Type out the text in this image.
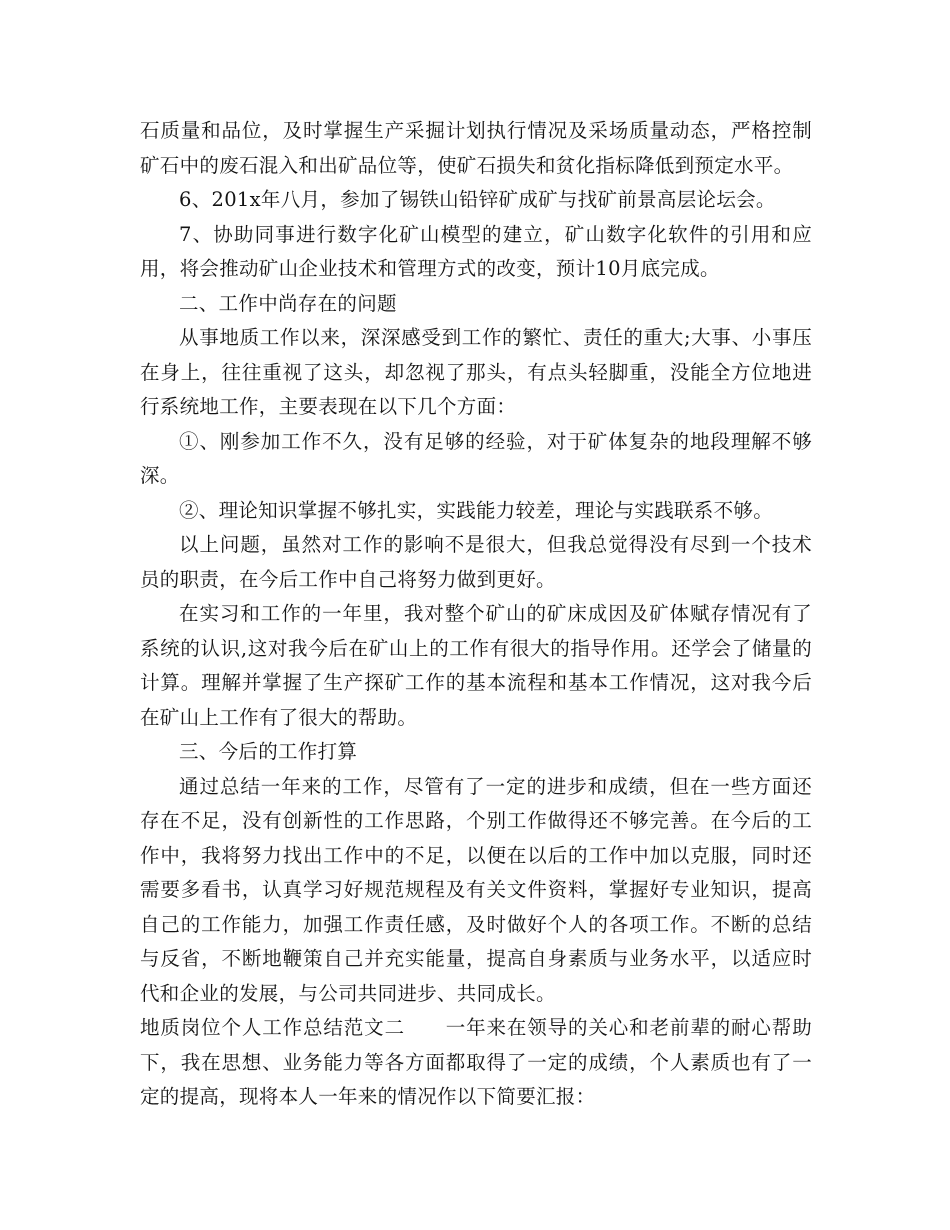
石质量和品位，及时掌握生产采掘计划执行情况及采场质量动态，严格控制矿石中的废石混入和出矿品位等，使矿石损失和贫化指标降低到预定水平。

6、201x年八月，参加了锡铁山铅锌矿成矿与找矿前景高层论坛会。

7、协助同事进行数字化矿山模型的建立，矿山数字化软件的引用和应用，将会推动矿山企业技术和管理方式的改变，预计10月底完成。

二、工作中尚存在的问题

从事地质工作以来，深深感受到工作的繁忙、责任的重大;大事、小事压在身上，往往重视了这头，却忽视了那头，有点头轻脚重，没能全方位地进行系统地工作，主要表现在以下几个方面：

①、刚参加工作不久，没有足够的经验，对于矿体复杂的地段理解不够深。

②、理论知识掌握不够扎实，实践能力较差，理论与实践联系不够。

以上问题，虽然对工作的影响不是很大，但我总觉得没有尽到一个技术员的职责，在今后工作中自己将努力做到更好。

在实习和工作的一年里，我对整个矿山的矿床成因及矿体赋存情况有了系统的认识,这对我今后在矿山上的工作有很大的指导作用。还学会了储量的计算。理解并掌握了生产探矿工作的基本流程和基本工作情况，这对我今后在矿山上工作有了很大的帮助。

三、今后的工作打算

通过总结一年来的工作，尽管有了一定的进步和成绩，但在一些方面还存在不足，没有创新性的工作思路，个别工作做得还不够完善。在今后的工作中，我将努力找出工作中的不足，以便在以后的工作中加以克服，同时还需要多看书，认真学习好规范规程及有关文件资料，掌握好专业知识，提高自己的工作能力，加强工作责任感，及时做好个人的各项工作。不断的总结与反省，不断地鞭策自己并充实能量，提高自身素质与业务水平，以适应时代和企业的发展，与公司共同进步、共同成长。

地质岗位个人工作总结范文二　　 一年来在领导的关心和老前辈的耐心帮助下，我在思想、业务能力等各方面都取得了一定的成绩，个人素质也有了一定的提高，现将本人一年来的情况作以下简要汇报：
